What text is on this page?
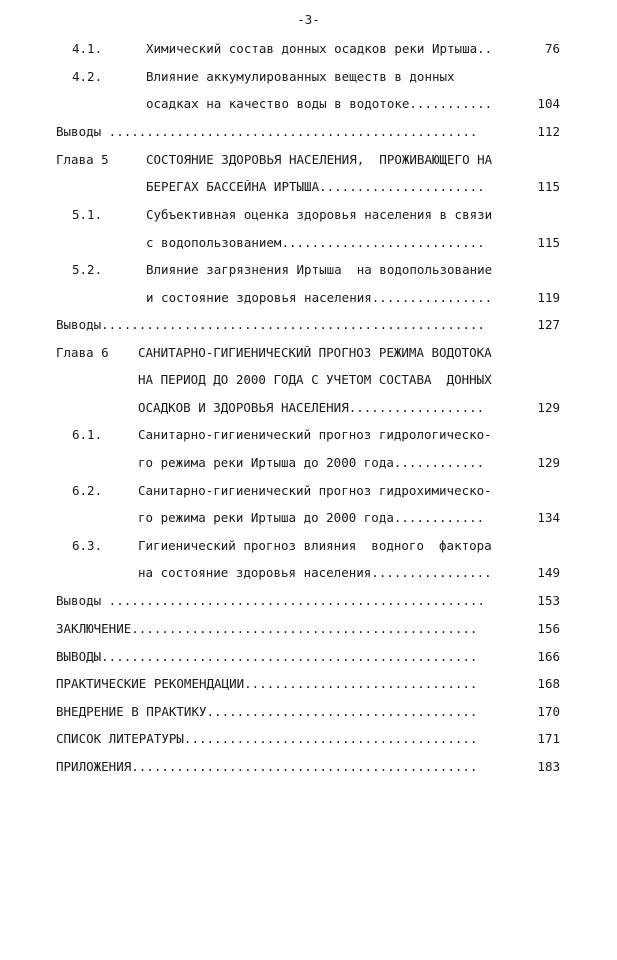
-3-
4.1.	Химический состав донных осадков реки Иртыша..	76
4.2.	Влияние аккумулированных веществ в донных
осадках на качество воды в водотоке...........	104
Выводы .................................................	112
Глава 5	СОСТОЯНИЕ ЗДОРОВЬЯ НАСЕЛЕНИЯ,  ПРОЖИВАЮЩЕГО НА
БЕРЕГАХ БАССЕЙНА ИРТЫША......................	115
5.1.	Субъективная оценка здоровья населения в связи
с водопользованием...........................	115
5.2.	Влияние загрязнения Иртыша  на водопользование
и состояние здоровья населения................	119
Выводы...................................................	127
Глава 6 САНИТАРНО-ГИГИЕНИЧЕСКИЙ ПРОГНОЗ РЕЖИМА ВОДОТОКА
НА ПЕРИОД ДО 2000 ГОДА С УЧЕТОМ СОСТАВА  ДОННЫХ
ОСАДКОВ И ЗДОРОВЬЯ НАСЕЛЕНИЯ..................	129
6.1.	Санитарно-гигиенический прогноз гидрологическо-
го режима реки Иртыша до 2000 года............	129
6.2.	Санитарно-гигиенический прогноз гидрохимическо-
го режима реки Иртыша до 2000 года............	134
6.3.	Гигиенический прогноз влияния  водного  фактора
на состояние здоровья населения................	149
Выводы ..................................................	153
ЗАКЛЮЧЕНИЕ..............................................	156
ВЫВОДЫ..................................................	166
ПРАКТИЧЕСКИЕ РЕКОМЕНДАЦИИ...............................	168
ВНЕДРЕНИЕ В ПРАКТИКУ....................................	170
СПИСОК ЛИТЕРАТУРЫ.......................................	171
ПРИЛОЖЕНИЯ..............................................	183
